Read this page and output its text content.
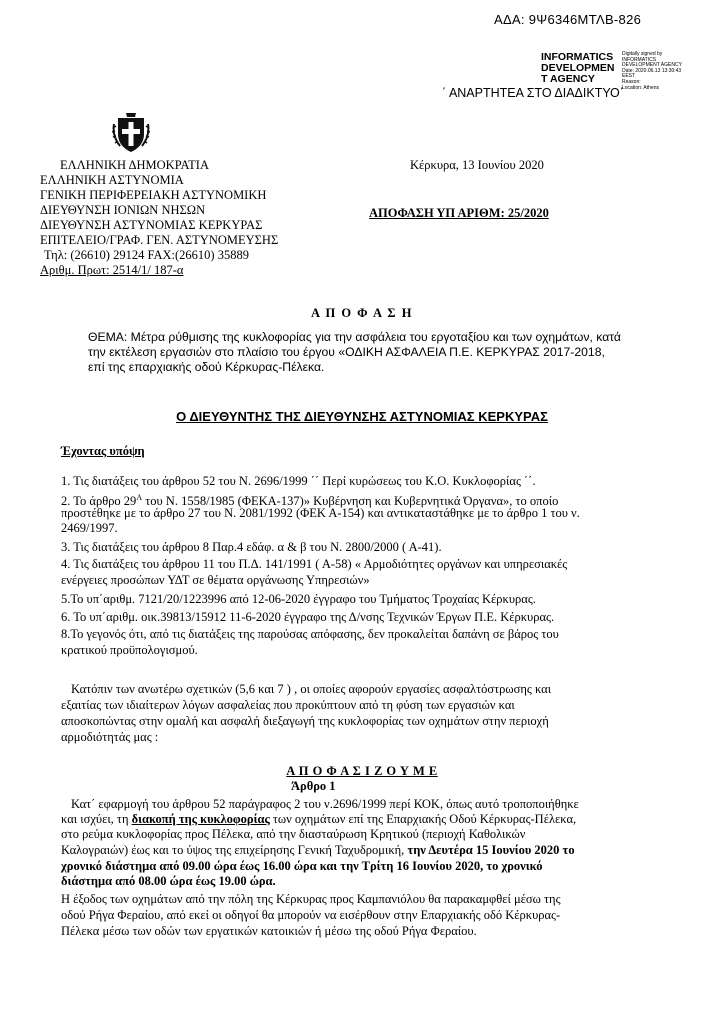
ΑΔΑ: 9Ψ6346ΜΤΛΒ-826
INFORMATICS
DEVELOPMEN
T AGENCY
Digitally signed by
INFORMATICS
DEVELOPMENT AGENCY
Date: 2020.06.13 13:30:43
EEST
Reason:
Location: Athens
΄ ΑΝΑΡΤΗΤΕΑ ΣΤΟ ΔΙΑΔΙΚΤΥΟ΄
ΕΛΛΗΝΙΚΗ ΔΗΜΟΚΡΑΤΙΑ
ΕΛΛΗΝΙΚΗ ΑΣΤΥΝΟΜΙΑ
ΓΕΝΙΚΗ ΠΕΡΙΦΕΡΕΙΑΚΗ ΑΣΤΥΝΟΜΙΚΗ
ΔΙΕΥΘΥΝΣΗ ΙΟΝΙΩΝ ΝΗΣΩΝ
ΔΙΕΥΘΥΝΣΗ ΑΣΤΥΝΟΜΙΑΣ ΚΕΡΚΥΡΑΣ
ΕΠΙΤΕΛΕΙΟ/ΓΡΑΦ. ΓΕΝ. ΑΣΤΥΝΟΜΕΥΣΗΣ
Τηλ: (26610) 29124 FAX:(26610) 35889
Αριθμ. Πρωτ: 2514/1/ 187-α
Κέρκυρα, 13 Ιουνίου 2020
ΑΠΟΦΑΣΗ ΥΠ ΑΡΙΘΜ: 25/2020
Α Π Ο Φ Α Σ Η
ΘΕΜΑ: Μέτρα ρύθμισης της κυκλοφορίας για την ασφάλεια του εργοταξίου και των οχημάτων, κατά
την εκτέλεση εργασιών στο πλαίσιο του έργου «ΟΔΙΚΗ ΑΣΦΑΛΕΙΑ Π.Ε. ΚΕΡΚΥΡΑΣ 2017-2018,
επί της επαρχιακής οδού Κέρκυρας-Πέλεκα.
Ο ΔΙΕΥΘΥΝΤΗΣ ΤΗΣ ΔΙΕΥΘΥΝΣΗΣ ΑΣΤΥΝΟΜΙΑΣ ΚΕΡΚΥΡΑΣ
Έχοντας υπόψη
1. Τις διατάξεις του άρθρου 52 του Ν. 2696/1999 ΄΄ Περί κυρώσεως του Κ.Ο. Κυκλοφορίας ΄΄.
2. Το άρθρο $29^A$ του Ν. 1558/1985 (ΦΕΚΑ-137)» Κυβέρνηση και Κυβερνητικά Όργανα», το οποίο
προστέθηκε με το άρθρο 27 του Ν. 2081/1992 (ΦΕΚ Α-154) και αντικαταστάθηκε με το άρθρο 1 του ν.
2469/1997.
3. Τις διατάξεις του άρθρου 8 Παρ.4 εδάφ. α & β του Ν. 2800/2000 ( Α-41).
4. Τις διατάξεις του άρθρου 11 του Π.Δ. 141/1991 ( Α-58) « Αρμοδιότητες οργάνων και υπηρεσιακές
ενέργειες προσώπων ΥΔΤ σε θέματα οργάνωσης Υπηρεσιών»
5.Το υπ΄αριθμ. 7121/20/1223996 από 12-06-2020 έγγραφο του Τμήματος Τροχαίας Κέρκυρας.
6. Το υπ΄αριθμ. οικ.39813/15912 11-6-2020 έγγραφο της Δ/νσης Τεχνικών Έργων Π.Ε. Κέρκυρας.
8.Το γεγονός ότι, από τις διατάξεις της παρούσας απόφασης, δεν προκαλείται δαπάνη σε βάρος του
κρατικού προϋπολογισμού.
Κατόπιν των ανωτέρω σχετικών (5,6 και 7 ) , οι οποίες αφορούν εργασίες ασφαλτόστρωσης και
εξαιτίας των ιδιαίτερων λόγων ασφαλείας που προκύπτουν από τη φύση των εργασιών και
αποσκοπώντας στην ομαλή και ασφαλή διεξαγωγή της κυκλοφορίας των οχημάτων στην περιοχή
αρμοδιότητάς μας :
Α Π Ο Φ Α Σ Ι Ζ Ο Υ Μ Ε
Άρθρο 1
Κατ΄ εφαρμογή του άρθρου 52 παράγραφος 2 του ν.2696/1999 περί ΚΟΚ, όπως αυτό τροποποιήθηκε
και ισχύει, τη διακοπή της κυκλοφορίας των οχημάτων επί της Επαρχιακής Οδού Κέρκυρας-Πέλεκα,
στο ρεύμα κυκλοφορίας προς Πέλεκα, από την διασταύρωση Κρητικού (περιοχή Καθολικών
Καλογραιών) έως και το ύψος της επιχείρησης Γενική Ταχυδρομική, την Δευτέρα 15 Ιουνίου 2020 το
χρονικό διάστημα από 09.00 ώρα έως 16.00 ώρα και την Τρίτη 16 Ιουνίου 2020, το χρονικό
διάστημα από 08.00 ώρα έως 19.00 ώρα.
Η έξοδος των οχημάτων από την πόλη της Κέρκυρας προς Καμπανιόλου θα παρακαμφθεί μέσω της
οδού Ρήγα Φεραίου, από εκεί οι οδηγοί θα μπορούν να εισέρθουν στην Επαρχιακής οδό Κέρκυρας-
Πέλεκα μέσω των οδών των εργατικών κατοικιών ή μέσω της οδού Ρήγα Φεραίου.
